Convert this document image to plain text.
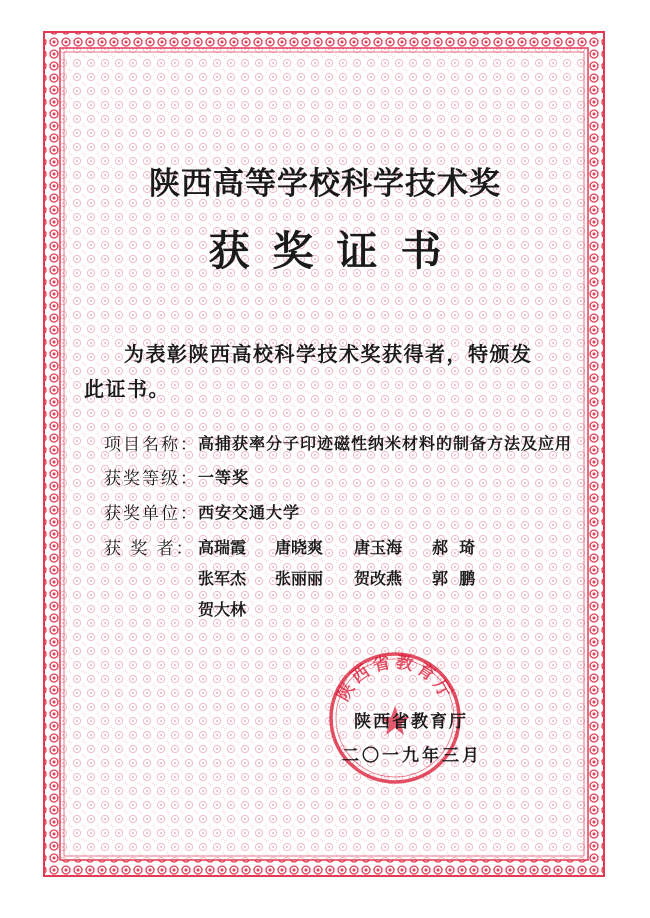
陕西高等学校科学技术奖
获奖证书
为表彰陕西高校科学技术奖获得者，特颁发
此证书。
项目名称： 高捕获率分子印迹磁性纳米材料的制备方法及应用
获奖等级： 一等奖
获奖单位： 西安交通大学
获 奖 者： 高瑞霞 唐晓爽 唐玉海 郝  琦
张军杰 张丽丽 贺改燕 郭  鹏
贺大林
陕西省教育厅
陕西省教育厅
二〇一九年三月
